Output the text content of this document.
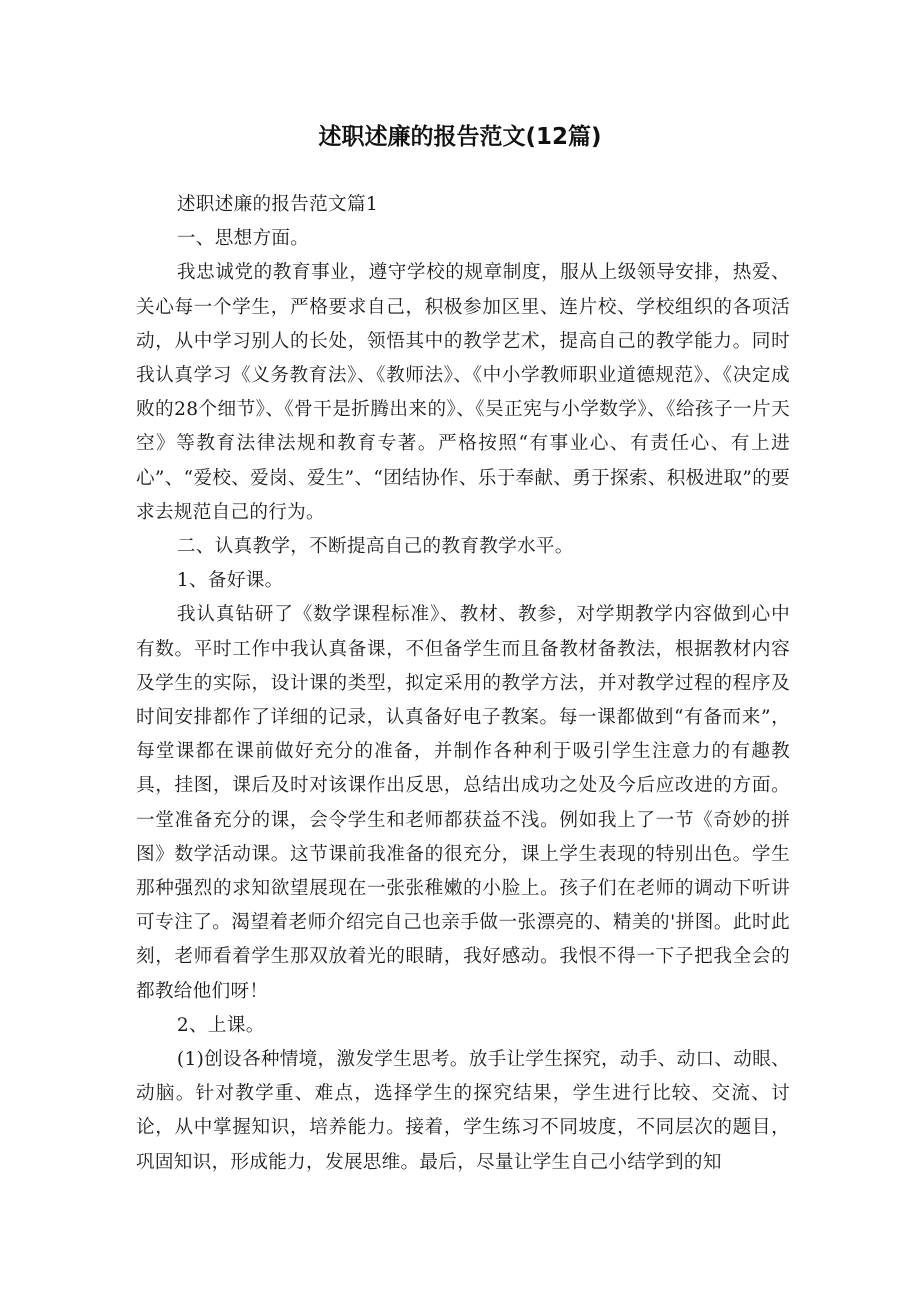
述职述廉的报告范文(12篇)

述职述廉的报告范文篇1

一、思想方面。

我忠诚党的教育事业，遵守学校的规章制度，服从上级领导安排，热爱、关心每一个学生，严格要求自己，积极参加区里、连片校、学校组织的各项活动，从中学习别人的长处，领悟其中的教学艺术，提高自己的教学能力。同时我认真学习《义务教育法》、《教师法》、《中小学教师职业道德规范》、《决定成败的28个细节》、《骨干是折腾出来的》、《吴正宪与小学数学》、《给孩子一片天空》等教育法律法规和教育专著。严格按照“有事业心、有责任心、有上进心”、“爱校、爱岗、爱生”、“团结协作、乐于奉献、勇于探索、积极进取”的要求去规范自己的行为。

二、认真教学，不断提高自己的教育教学水平。

1、备好课。

我认真钻研了《数学课程标准》、教材、教参，对学期教学内容做到心中有数。平时工作中我认真备课，不但备学生而且备教材备教法，根据教材内容及学生的实际，设计课的类型，拟定采用的教学方法，并对教学过程的程序及时间安排都作了详细的记录，认真备好电子教案。每一课都做到“有备而来”，每堂课都在课前做好充分的准备，并制作各种利于吸引学生注意力的有趣教具，挂图，课后及时对该课作出反思，总结出成功之处及今后应改进的方面。一堂准备充分的课，会令学生和老师都获益不浅。例如我上了一节《奇妙的拼图》数学活动课。这节课前我准备的很充分，课上学生表现的特别出色。学生那种强烈的求知欲望展现在一张张稚嫩的小脸上。孩子们在老师的调动下听讲可专注了。渴望着老师介绍完自己也亲手做一张漂亮的、精美的'拼图。此时此刻，老师看着学生那双放着光的眼睛，我好感动。我恨不得一下子把我全会的都教给他们呀！

2、上课。

(1)创设各种情境，激发学生思考。放手让学生探究，动手、动口、动眼、动脑。针对教学重、难点，选择学生的探究结果，学生进行比较、交流、讨论，从中掌握知识，培养能力。接着，学生练习不同坡度，不同层次的题目，巩固知识，形成能力，发展思维。最后，尽量让学生自己小结学到的知
